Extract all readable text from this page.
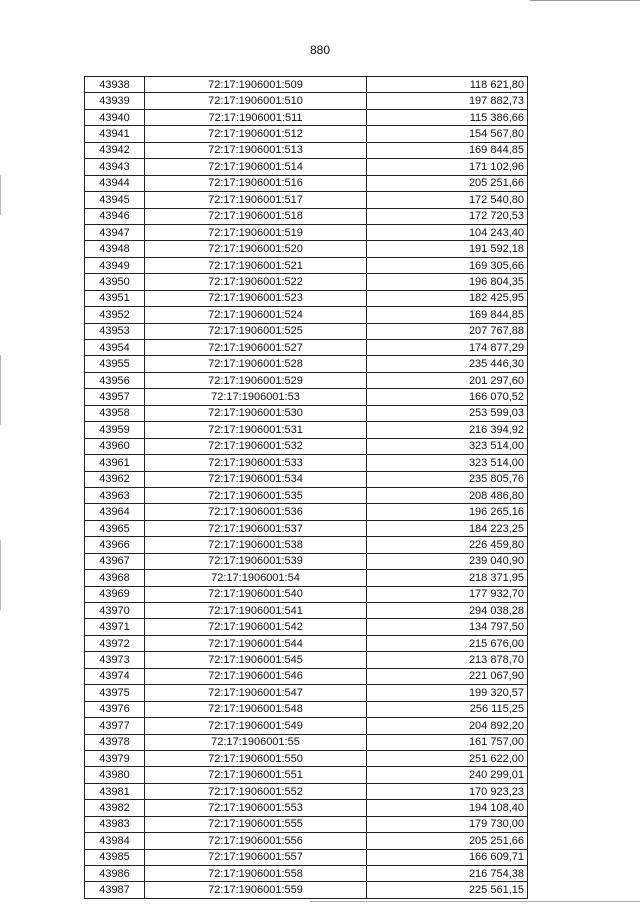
880
43938	72:17:1906001:509	118 621,80
43939	72:17:1906001:510	197 882,73
43940	72:17:1906001:511	115 386,66
43941	72:17:1906001:512	154 567,80
43942	72:17:1906001:513	169 844,85
43943	72:17:1906001:514	171 102,96
43944	72:17:1906001:516	205 251,66
43945	72:17:1906001:517	172 540,80
43946	72:17:1906001:518	172 720,53
43947	72:17:1906001:519	104 243,40
43948	72:17:1906001:520	191 592,18
43949	72:17:1906001:521	169 305,66
43950	72:17:1906001:522	196 804,35
43951	72:17:1906001:523	182 425,95
43952	72:17:1906001:524	169 844,85
43953	72:17:1906001:525	207 767,88
43954	72:17:1906001:527	174 877,29
43955	72:17:1906001:528	235 446,30
43956	72:17:1906001:529	201 297,60
43957	72:17:1906001:53	166 070,52
43958	72:17:1906001:530	253 599,03
43959	72:17:1906001:531	216 394,92
43960	72:17:1906001:532	323 514,00
43961	72:17:1906001:533	323 514,00
43962	72:17:1906001:534	235 805,76
43963	72:17:1906001:535	208 486,80
43964	72:17:1906001:536	196 265,16
43965	72:17:1906001:537	184 223,25
43966	72:17:1906001:538	226 459,80
43967	72:17:1906001:539	239 040,90
43968	72:17:1906001:54	218 371,95
43969	72:17:1906001:540	177 932,70
43970	72:17:1906001:541	294 038,28
43971	72:17:1906001:542	134 797,50
43972	72:17:1906001:544	215 676,00
43973	72:17:1906001:545	213 878,70
43974	72:17:1906001:546	221 067,90
43975	72:17:1906001:547	199 320,57
43976	72:17:1906001:548	256 115,25
43977	72:17:1906001:549	204 892,20
43978	72:17:1906001:55	161 757,00
43979	72:17:1906001:550	251 622,00
43980	72:17:1906001:551	240 299,01
43981	72:17:1906001:552	170 923,23
43982	72:17:1906001:553	194 108,40
43983	72:17:1906001:555	179 730,00
43984	72:17:1906001:556	205 251,66
43985	72:17:1906001:557	166 609,71
43986	72:17:1906001:558	216 754,38
43987	72:17:1906001:559	225 561,15
